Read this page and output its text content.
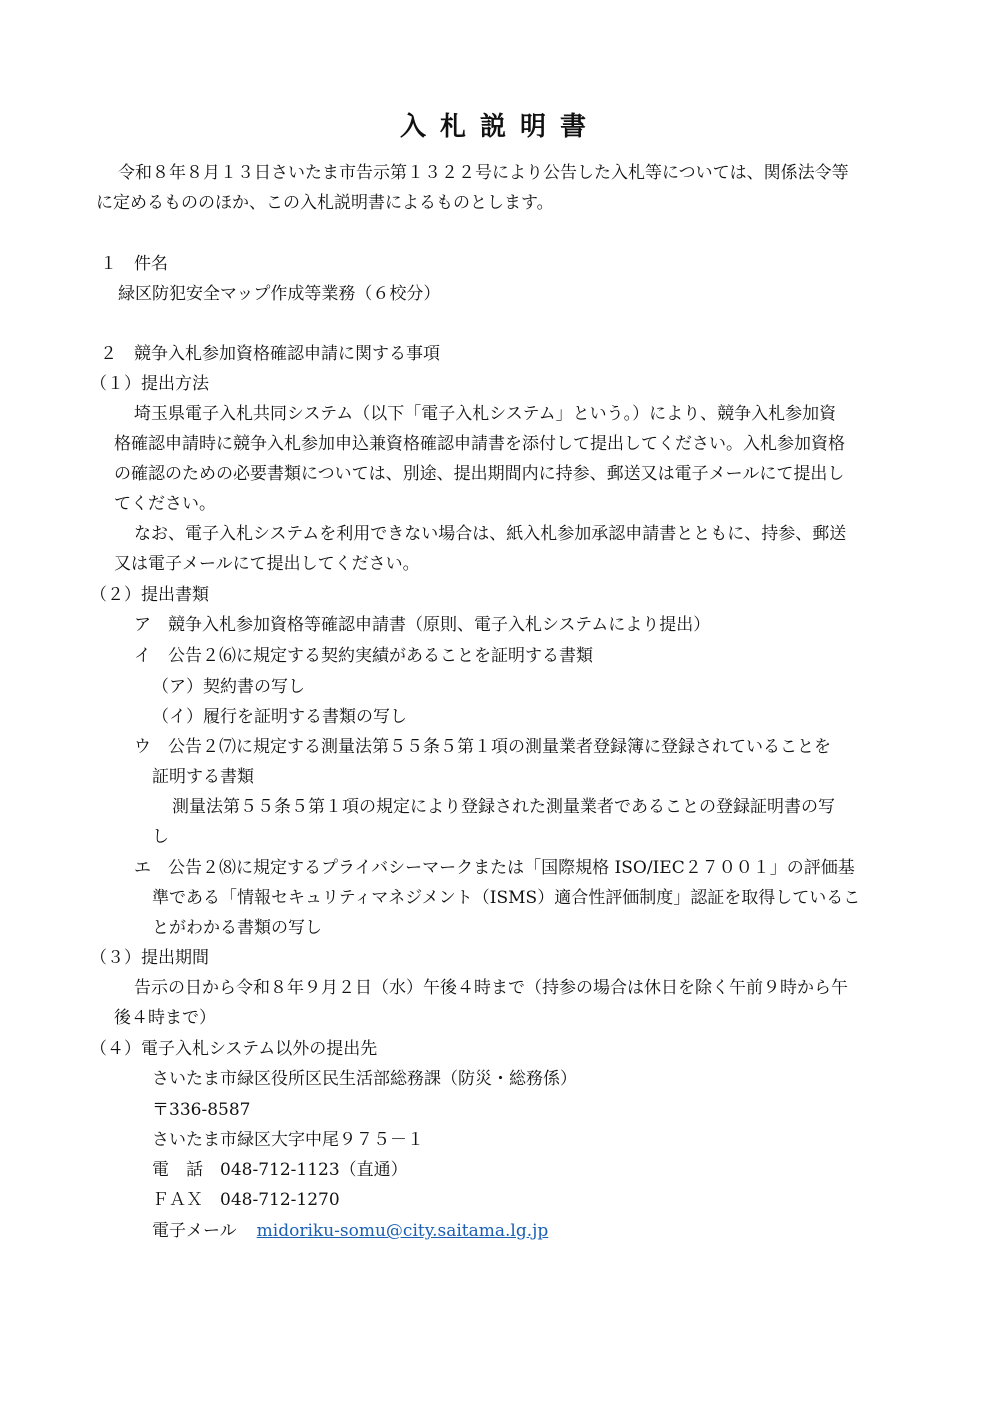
入札説明書
令和８年８月１３日さいたま市告示第１３２２号により公告した入札等については、関係法令等
に定めるもののほか、この入札説明書によるものとします。
１　件名
緑区防犯安全マップ作成等業務（６校分）
２　競争入札参加資格確認申請に関する事項
（１）提出方法
埼玉県電子入札共同システム（以下「電子入札システム」という。）により、競争入札参加資
格確認申請時に競争入札参加申込兼資格確認申請書を添付して提出してください。入札参加資格
の確認のための必要書類については、別途、提出期間内に持参、郵送又は電子メールにて提出し
てください。
なお、電子入札システムを利用できない場合は、紙入札参加承認申請書とともに、持参、郵送
又は電子メールにて提出してください。
（２）提出書類
ア　競争入札参加資格等確認申請書（原則、電子入札システムにより提出）
イ　公告２⑹に規定する契約実績があることを証明する書類
（ア）契約書の写し
（イ）履行を証明する書類の写し
ウ　公告２⑺に規定する測量法第５５条５第１項の測量業者登録簿に登録されていることを
証明する書類
測量法第５５条５第１項の規定により登録された測量業者であることの登録証明書の写
し
エ　公告２⑻に規定するプライバシーマークまたは「国際規格 ISO/IEC２７００１」の評価基
準である「情報セキュリティマネジメント（ISMS）適合性評価制度」認証を取得しているこ
とがわかる書類の写し
（３）提出期間
告示の日から令和８年９月２日（水）午後４時まで（持参の場合は休日を除く午前９時から午
後４時まで）
（４）電子入札システム以外の提出先
さいたま市緑区役所区民生活部総務課（防災・総務係）
〒336-8587
さいたま市緑区大字中尾９７５－１
電　話　048-712-1123（直通）
ＦＡＸ　048-712-1270
電子メール midoriku-somu@city.saitama.lg.jp
